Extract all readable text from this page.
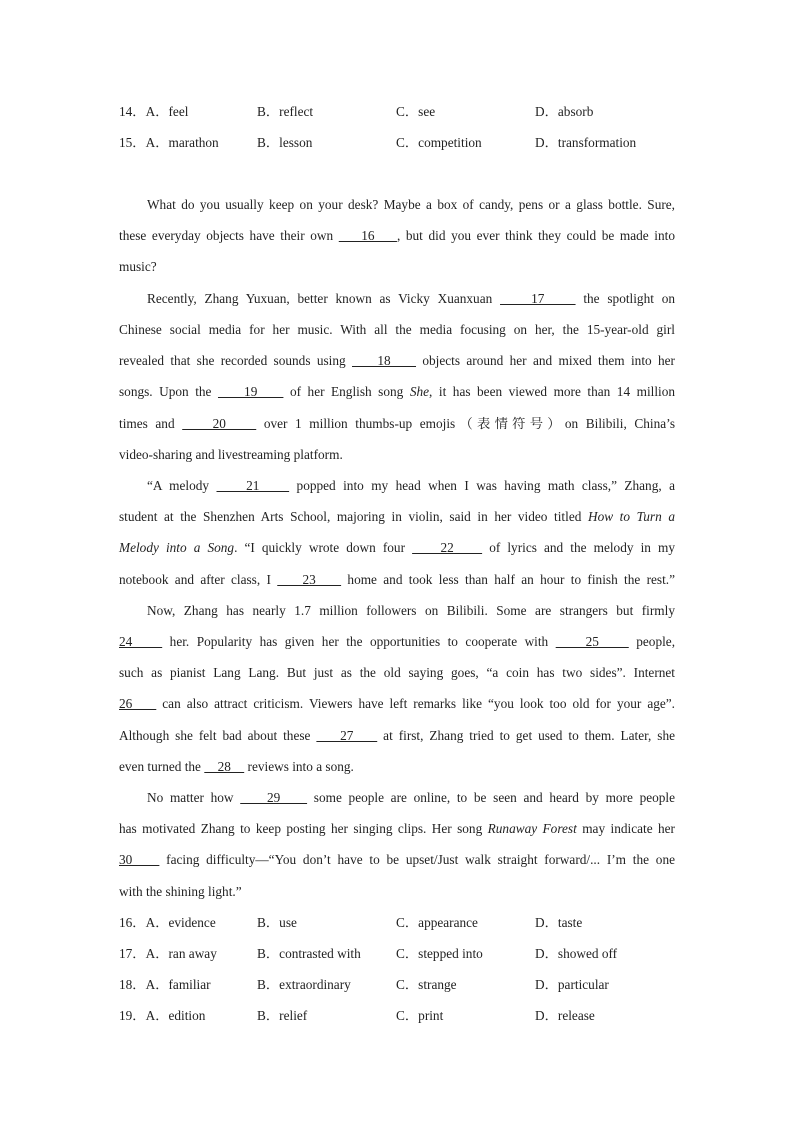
14．A．feel	B．reflect	C．see	D．absorb
15．A．marathon	B．lesson	C．competition	D．transformation
What do you usually keep on your desk? Maybe a box of candy, pens or a glass bottle. Sure,
these everyday objects have their own     16    , but did you ever think they could be made into
music?
Recently, Zhang Yuxuan, better known as Vicky Xuanxuan     17     the spotlight on
Chinese social media for her music. With all the media focusing on her, the 15-year-old girl
revealed that she recorded sounds using     18     objects around her and mixed them into her
songs. Upon the     19     of her English song She, it has been viewed more than 14 million
times and     20     over 1 million thumbs-up emojis（表情符号）on Bilibili, China’s
video-sharing and livestreaming platform.
“A melody     21     popped into my head when I was having math class,” Zhang, a
student at the Shenzhen Arts School, majoring in violin, said in her video titled How to Turn a
Melody into a Song. “I quickly wrote down four     22     of lyrics and the melody in my
notebook and after class, I     23     home and took less than half an hour to finish the rest.”
Now, Zhang has nearly 1.7 million followers on Bilibili. Some are strangers but firmly
24     her. Popularity has given her the opportunities to cooperate with     25     people,
such as pianist Lang Lang. But just as the old saying goes, “a coin has two sides”. Internet
26     can also attract criticism. Viewers have left remarks like “you look too old for your age”.
Although she felt bad about these     27     at first, Zhang tried to get used to them. Later, she
even turned the     28     reviews into a song.
No matter how     29     some people are online, to be seen and heard by more people
has motivated Zhang to keep posting her singing clips. Her song Runaway Forest may indicate her
30     facing difficulty—“You don’t have to be upset/Just walk straight forward/... I’m the one
with the shining light.”
16．A．evidence	B．use	C．appearance	D．taste
17．A．ran away	B．contrasted with	C．stepped into	D．showed off
18．A．familiar	B．extraordinary	C．strange	D．particular
19．A．edition	B．relief	C．print	D．release
